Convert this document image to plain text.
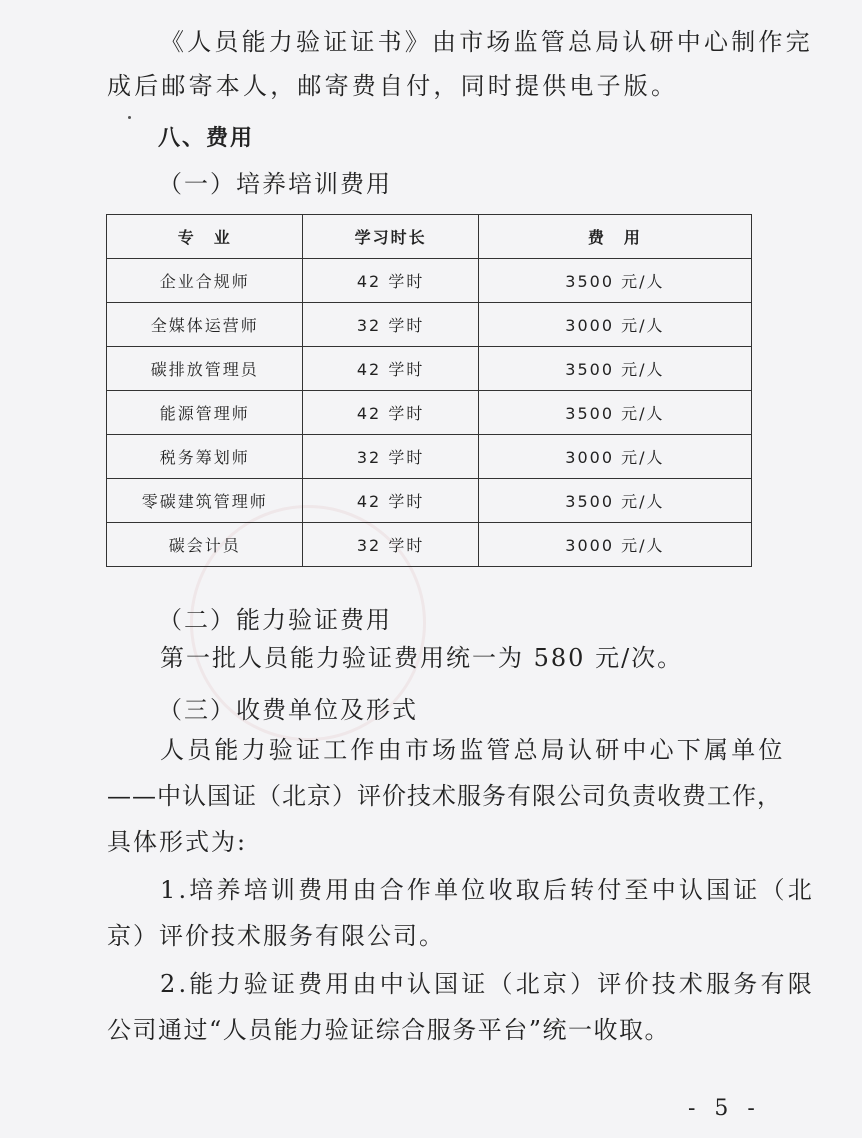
《人员能力验证证书》由市场监管总局认研中心制作完
成后邮寄本人，邮寄费自付，同时提供电子版。
八、费用
（一）培养培训费用
专　业	学习时长	费　用
企业合规师	42 学时	3500 元/人
全媒体运营师	32 学时	3000 元/人
碳排放管理员	42 学时	3500 元/人
能源管理师	42 学时	3500 元/人
税务筹划师	32 学时	3000 元/人
零碳建筑管理师	42 学时	3500 元/人
碳会计员	32 学时	3000 元/人
（二）能力验证费用
第一批人员能力验证费用统一为 580 元/次。
（三）收费单位及形式
人员能力验证工作由市场监管总局认研中心下属单位
——中认国证（北京）评价技术服务有限公司负责收费工作，
具体形式为:
1.培养培训费用由合作单位收取后转付至中认国证（北
京）评价技术服务有限公司。
2.能力验证费用由中认国证（北京）评价技术服务有限
公司通过“人员能力验证综合服务平台”统一收取。
- 5 -
